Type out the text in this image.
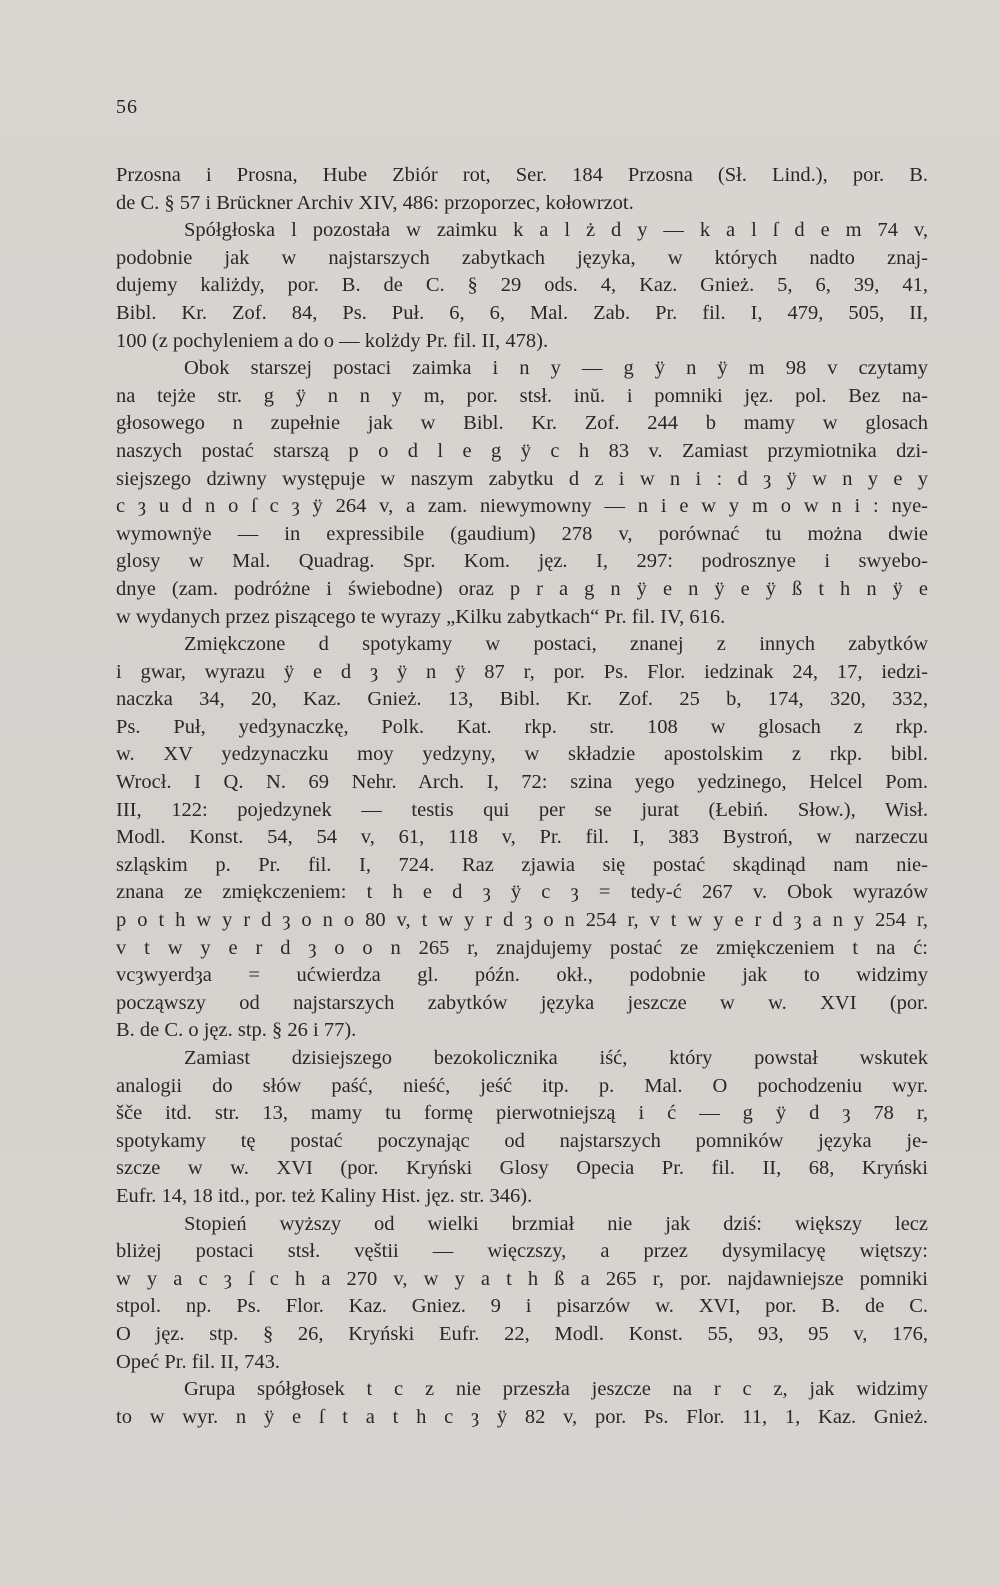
56
Przosna i Prosna, Hube Zbiór rot, Ser. 184 Przosna (Sł. Lind.), por. B.
de C. § 57 i Brückner Archiv XIV, 486: przoporzec, kołowrzot.
Spółgłoska l pozostała w zaimku k a l ż d y — k a l ſ d e m 74 v,
podobnie jak w najstarszych zabytkach języka, w których nadto znaj-
dujemy kaliżdy, por. B. de C. § 29 ods. 4, Kaz. Gnież. 5, 6, 39, 41,
Bibl. Kr. Zof. 84, Ps. Puł. 6, 6, Mal. Zab. Pr. fil. I, 479, 505, II,
100 (z pochyleniem a do o — kolżdy Pr. fil. II, 478).
Obok starszej postaci zaimka i n y — g ÿ n ÿ m 98 v czytamy
na tejże str. g ÿ n n y m, por. stsł. inŭ. i pomniki jęz. pol. Bez na-
głosowego n zupełnie jak w Bibl. Kr. Zof. 244 b mamy w glosach
naszych postać starszą p o d l e g ÿ c h 83 v. Zamiast przymiotnika dzi-
siejszego dziwny występuje w naszym zabytku d z i w n i : d ȝ ÿ w n y e y
c ȝ u d n o ſ c ȝ ÿ 264 v, a zam. niewymowny — n i e w y m o w n i : nye-
wymownÿe — in expressibile (gaudium) 278 v, porównać tu można dwie
glosy w Mal. Quadrag. Spr. Kom. jęz. I, 297: podrosznye i swyebo-
dnye (zam. podróżne i świebodne) oraz p r a g n ÿ e n ÿ e ÿ ß t h n ÿ e
w wydanych przez piszącego te wyrazy „Kilku zabytkach“ Pr. fil. IV, 616.
Zmiękczone d spotykamy w postaci, znanej z innych zabytków
i gwar, wyrazu ÿ e d ȝ ÿ n ÿ 87 r, por. Ps. Flor. iedzinak 24, 17, iedzi-
naczka 34, 20, Kaz. Gnież. 13, Bibl. Kr. Zof. 25 b, 174, 320, 332,
Ps. Puł, yedȝynaczkę, Polk. Kat. rkp. str. 108 w glosach z rkp.
w. XV yedzynaczku moy yedzyny, w składzie apostolskim z rkp. bibl.
Wrocł. I Q. N. 69 Nehr. Arch. I, 72: szina yego yedzinego, Helcel Pom.
III, 122: pojedzynek — testis qui per se jurat (Łebiń. Słow.), Wisł.
Modl. Konst. 54, 54 v, 61, 118 v, Pr. fil. I, 383 Bystroń, w narzeczu
szląskim p. Pr. fil. I, 724. Raz zjawia się postać skądinąd nam nie-
znana ze zmiękczeniem: t h e d ȝ ÿ c ȝ = tedy-ć 267 v. Obok wyrazów
p o t h w y r d ȝ o n o 80 v, t w y r d ȝ o n 254 r, v t w y e r d ȝ a n y 254 r,
v t w y e r d ȝ o o n 265 r, znajdujemy postać ze zmiękczeniem t na ć:
vcȝwyerdȝa = ućwierdza gl. późn. okł., podobnie jak to widzimy
począwszy od najstarszych zabytków języka jeszcze w w. XVI (por.
B. de C. o jęz. stp. § 26 i 77).
Zamiast dzisiejszego bezokolicznika iść, który powstał wskutek
analogii do słów paść, nieść, jeść itp. p. Mal. O pochodzeniu wyr.
šče itd. str. 13, mamy tu formę pierwotniejszą i ć — g ÿ d ȝ 78 r,
spotykamy tę postać poczynając od najstarszych pomników języka je-
szcze w w. XVI (por. Kryński Glosy Opecia Pr. fil. II, 68, Kryński
Eufr. 14, 18 itd., por. też Kaliny Hist. jęz. str. 346).
Stopień wyższy od wielki brzmiał nie jak dziś: większy lecz
bliżej postaci stsł. vęštii — więczszy, a przez dysymilacyę więtszy:
w y a c ȝ ſ c h a 270 v, w y a t h ß a 265 r, por. najdawniejsze pomniki
stpol. np. Ps. Flor. Kaz. Gniez. 9 i pisarzów w. XVI, por. B. de C.
O jęz. stp. § 26, Kryński Eufr. 22, Modl. Konst. 55, 93, 95 v, 176,
Opeć Pr. fil. II, 743.
Grupa spółgłosek t c z nie przeszła jeszcze na r c z, jak widzimy
to w wyr. n ÿ e ſ t a t h c ȝ ÿ 82 v, por. Ps. Flor. 11, 1, Kaz. Gnież.
